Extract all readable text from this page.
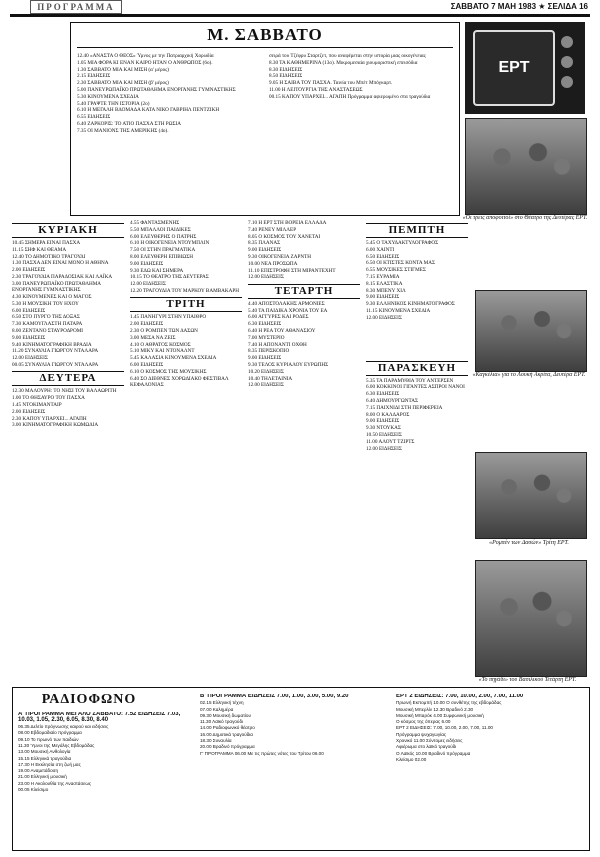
ΠΡΟΓΡΑΜΜΑ	ΣΑΒΒΑΤΟ 7 ΜΑΗ 1983 ★ ΣΕΛΙΔΑ 16
Μ. ΣΑΒΒΑΤΟ

12.40 «ΑΝΑΣΤΑ Ο ΘΕΟΣ» Ύμνος με την Πατριαρχική Χορωδία

1.05 ΜΙΑ ΦΟΡΑ ΚΙ ΕΝΑΝ ΚΑΙΡΟ ΗΤΑΝ Ο ΑΝΘΡΩΠΟΣ (6ο).

1.30 ΣΑΒΒΑΤΟ ΜΙΑ ΚΑΙ ΜΙΣΗ (α' μέρος)

2.15 ΕΙΔΗΣΕΙΣ

2.30 ΣΑΒΒΑΤΟ ΜΙΑ ΚΑΙ ΜΙΣΗ (β' μέρος)

5.00 ΠΑΝΕΥΡΩΠΑΪΚΟ ΠΡΩΤΑΘΛΗΜΑ ΕΝΟΡΓΑΝΗΣ ΓΥΜΝΑΣΤΙΚΗΣ

5.30 ΚΙΝΟΥΜΕΝΑ ΣΧΕΔΙΑ

5.40 ΓΡΑΨΤΕ ΤΗΝ ΙΣΤΟΡΙΑ (2ο)

6.10 Η ΜΕΓΑΛΗ ΒΔΟΜΑΔΑ ΚΑΤΑ ΝΙΚΟ ΓΑΒΡΙΗΛ ΠΕΝΤΖΙΚΗ

6.55 ΕΙΔΗΣΕΙΣ

6.40 ΖΑΡΚΟΡΙΣ: ΤΟ ΑΤΙΟ ΠΑΣΧΑ ΣΤΗ ΡΩΣΙΑ

7.35 ΟΙ ΜΑΝΙΟΝΣ ΤΗΣ ΑΜΕΡΙΚΗΣ (4ο).

σειρά του Τζέφρυ Σταρτζετ, που αναφέρεται στην ιστορία μιας οικογένειας

8.30 ΤΑ ΚΑΘΗΜΕΡΙΝΑ (13ο). Μικρομεσαία χιουμοριστική επεισόδια

8.30 ΕΙΔΗΣΕΙΣ

8.50 ΕΙΔΗΣΕΙΣ

9.05 Η ΣΑΙΒΑ ΤΟΥ ΠΑΣΧΑ. Ταινία του Μπέτ Μπόγκαρτ.

11.00 Η ΛΕΙΤΟΥΡΓΙΑ ΤΗΣ ΑΝΑΣΤΑΣΕΩΣ

00.15 ΚΑΠΟΥ ΥΠΑΡΧΕΙ... ΑΓΑΠΗ Πρόγραμμα αφιερωμένο στα τραγούδια

ΕΡΤ
ΚΥΡΙΑΚΗ

10.45 ΣΗΜΕΡΑ ΕΙΝΑΙ ΠΑΣΧΑ

11.15 ΣΗΦ ΚΑΙ ΘΕΑΜΑ

12.40 ΤΟ ΔΗΜΟΤΙΚΟ ΤΡΑΓΟΥΔΙ

1.30 ΠΑΣΧΑ ΔΕΝ ΕΙΝΑΙ ΜΟΝΟ Η ΑΘΗΝΑ

2.00 ΕΙΔΗΣΕΙΣ

2.30 ΤΡΑΓΟΥΔΙΑ ΠΑΡΑΔΟΣΙΑΚ ΚΑΙ ΛΑΪΚΑ

3.00 ΠΑΝΕΥΡΩΠΑΪΚΟ ΠΡΩΤΑΘΛΗΜΑ ΕΝΟΡΓΑΝΗΣ ΓΥΜΝΑΣΤΙΚΗΣ

4.30 ΚΙΝΟΥΜΕΝΕΣ ΚΑΙ Ο ΜΑΓΟΣ

5.30 Η ΜΟΥΣΙΚΗ ΤΟΥ ΗΧΟΥ

6.00 ΕΙΔΗΣΕΙΣ

6.50 ΣΤΟ ΠΥΡΓΟ ΤΗΣ ΔΟΞΑΣ

7.30 ΚΑΜΟΥΓΛΑΣΤΗ ΠΑΤΑΡΑ

8.00 ΖΕΝΤΑΝΟ ΣΤΑΥΡΟΔΡΟΜΙ

9.00 ΕΙΔΗΣΕΙΣ

9.40 ΚΙΝΗΜΑΤΟΓΡΑΦΙΚΗ ΒΡΑΔΙΑ

11.20 ΣΥΝΑΥΛΙΑ ΓΙΩΡΓΟΥ ΝΤΑΛΑΡΑ

12.00 ΕΙΔΗΣΕΙΣ

00.05 ΣΥΝΑΥΛΙΑ ΓΙΩΡΓΟΥ ΝΤΑΛΑΡΑ

ΔΕΥΤΕΡΑ

12.30 ΜΑΛΟΥΡΗ: ΤΟ ΝΗΣΙ ΤΟΥ ΒΑΛΑΩΡΙΤΗ

1.00 ΤΟ ΘΗΣΑΥΡΟ ΤΟΥ ΠΑΣΧΑ

1.45 ΝΤΟΚΙΜΑΝΤΑΙΡ

2.00 ΕΙΔΗΣΕΙΣ

2.30 ΚΑΠΟΥ ΥΠΑΡΧΕΙ... ΑΓΑΠΗ

3.00 ΚΙΝΗΜΑΤΟΓΡΑΦΙΚΗ ΚΩΜΩΔΙΑ

4.55 ΦΑΝΤΑΣΜΕΝΗΣ

5.50 ΜΠΑΛΛΟΙ ΠΑΙΔΙΚΕΣ

6.00 ΕΛΕΥΘΕΡΗΣ Ο ΠΑΤΡΗΣ

6.10 Η ΟΙΚΟΓΕΝΕΙΑ ΝΤΟΥΜΠΛΙΝ

7.50 ΟΙ ΣΤΗΝ ΠΡΑΓΜΑΤΙΚΑ

8.00 ΕΛΕΥΘΕΡΗ ΕΠΙΒΙΩΣΗ

9.00 ΕΙΔΗΣΕΙΣ

9.30 ΕΔΩ ΚΑΙ ΣΗΜΕΡΑ

10.15 ΤΟ ΘΕΑΤΡΟ ΤΗΣ ΔΕΥΤΕΡΑΣ

12.00 ΕΙΔΗΣΕΙΣ

12.20 ΤΡΑΓΟΥΔΙΑ ΤΟΥ ΜΑΡΚΟΥ ΒΑΜΒΑΚΑΡΗ

ΤΡΙΤΗ

1.45 ΠΑΝΗΓΥΡΙ ΣΤΗΝ ΥΠΑΙΘΡΟ

2.00 ΕΙΔΗΣΕΙΣ

2.30 Ο ΡΟΜΠΕΝ ΤΩΝ ΔΑΣΩΝ

3.00 ΜΕΣΑ ΝΑ ΖΕΙΣ

4.10 Ο ΑΘΡΑΤΟΣ ΚΟΣΜΟΣ

5.10 ΜΙΚΥ ΚΑΙ ΝΤΟΝΑΛΝΤ

5.45 ΚΑΛΑΣΙΑ ΚΙΝΟΥΜΕΝΑ ΣΧΕΔΙΑ

6.00 ΕΙΔΗΣΕΙΣ

6.10 Ο ΚΟΣΜΟΣ ΤΗΣ ΜΟΥΣΙΚΗΣ

6.40 ΣΟ ΔΙΕΘΝΕΣ ΧΟΡΩΔΙΑΚΟ ΦΕΣΤΙΒΑΛ ΚΕΦΑΛΟΝΙΑΣ

7.10 Η ΕΡΤ ΣΤΗ ΒΟΡΕΙΑ ΕΛΛΑΔΑ

7.40 ΡΕΝΕΥ ΜΙΛΛΕΡ

8.05 Ο ΚΟΣΜΟΣ ΤΟΥ ΧΑΝΕΤΑΙ

8.35 ΠΛΑΝΑΣ

9.00 ΕΙΔΗΣΕΙΣ

9.30 ΟΙΚΟΓΕΝΕΙΑ ΖΑΡΝΤΗ

10.00 ΝΕΑ ΠΡΟΣΩΠΑ

11.10 ΕΠΙΣΤΡΟΦΗ ΣΤΗ ΜΙΡΑΝΤΕΧΗΤ

12.00 ΕΙΔΗΣΕΙΣ

ΤΕΤΑΡΤΗ

4.40 ΑΠΟΣΤΟΛΑΚΗΣ ΑΡΜΟΝΙΕΣ

5.40 ΤΑ ΠΑΙΔΙΚΑ ΧΡΟΝΙΑ ΤΟΥ ΕΑ

6.00 ΑΓΓΥΡΕΣ ΚΑΙ ΡΟΔΕΣ

6.30 ΕΙΔΗΣΕΙΣ

6.40 Η ΡΕΑ ΤΟΥ ΑΘΑΝΑΣΙΟΥ

7.00 ΜΥΣΤΕΡΙΟ

7.40 Η ΑΠΟΝΑΝΤΙ ΟΧΘΗ

8.35 ΠΕΡΙΣΚΟΠΙΟ

9.00 ΕΙΔΗΣΕΙΣ

9.30 ΤΕΛΟΣ ΚΥΡΙΑΛΟΥ ΕΥΡΩΠΗΣ

10.20 ΕΙΔΗΣΕΙΣ

10.40 ΤΗΛΕΤΑΙΝΙΑ

12.00 ΕΙΔΗΣΕΙΣ

ΠΕΜΠΤΗ

5.45 Ο ΤΑΧΥΔΑΚΤΥΛΟΓΡΑΦΟΣ

6.00 ΧΑΙΝΤΙ

6.50 ΕΙΔΗΣΕΙΣ

6.50 ΟΙ ΚΤΙΣΤΕΣ ΚΟΝΤΑ ΜΑΣ

6.55 ΜΟΥΣΙΚΕΣ ΣΤΙΓΜΕΣ

7.15 ΕΥΡΑΜΙΑ

8.15 ΕΛΑΣΤΙΚΑ

8.30 ΜΠΕΝΥ ΧΙΛ

9.00 ΕΙΔΗΣΕΙΣ

9.30 ΕΛΛΗΝΙΚΟΣ ΚΙΝΗΜΑΤΟΓΡΑΦΟΣ

11.15 ΚΙΝΟΥΜΕΝΑ ΣΧΕΔΙΑ

12.00 ΕΙΔΗΣΕΙΣ

ΠΑΡΑΣΚΕΥΗ

5.35 ΤΑ ΠΑΡΑΜΥΘΙΑ ΤΟΥ ΑΝΤΕΡΣΕΝ

6.00 ΚΟΚΚΙΝΟΙ ΓΙΓΑΝΤΕΣ ΑΣΠΡΟΙ ΝΑΝΟΙ

6.30 ΕΙΔΗΣΕΙΣ

6.40 ΔΗΜΟΥΡΓΩΝΤΑΣ

7.15 ΠΑΙΧΝΙΔΙ ΣΤΗ ΠΕΡΙΦΕΡΕΙΑ

8.00 Ο ΚΑΛΔΑΡΟΣ

9.00 ΕΙΔΗΣΕΙΣ

9.30 ΝΤΟΥΚΑΣ

10.50 ΕΙΔΗΣΕΙΣ

11.00 ΑΛΟΥΤ ΤΖΙΡΤΣ

12.00 ΕΙΔΗΣΕΙΣ

«Οι τρεις αποφοιτοί» στο Θέατρο της Δευτέρας ΕΡΤ.
«Καγκέλια» για το Λουκή Ακρίτα, Δευτέρα ΕΡΤ.
«Ρομπέν των Δασών» Τρίτη ΕΡΤ.
«Το πηγάδι» του Βασιλικού Τετάρτη ΕΡΤ.
ΡΑΔΙΟΦΩΝΟ

Α' ΠΡΟΓΡΑΜΜΑ ΜΕΓΑΛΟ ΣΑΒΒΑΤΟ: 7.52 ΕΙΔΗΣΕΙΣ 7.03, 10.03, 1.05, 2.30, 6.05, 8.30, 8.40

06.35 Δελτίο πρόγνωσης καιρού και ειδήσεις

08.00 Εβδομαδιαίο πρόγραμμα

09.10 Το πρωινό των παιδιών

11.30 Ύμνοι της Μεγάλης Εβδομάδας

13.00 Μουσική Ανθολογία

15.15 Ελληνικά τραγούδια

17.30 Η Εκκλησία στη ζωή μας

19.00 Αναμετάδοση

21.00 Ελληνική μουσική

23.00 Η Ακολουθία της Αναστάσεως

00.05 Κλείσιμο

Β' ΠΡΟΓΡΑΜΜΑ ΕΙΔΗΣΕΙΣ 7.00, 1.00, 3.00, 5.00, 9.20

02.15 Ελληνική τέχνη

07.00 Καλημέρα

09.30 Μουσική δωματίου

11.30 Λαϊκό τραγούδι

14.00 Ραδιοφωνικό θέατρο

16.00 Δημοτικά τραγούδια

18.30 Συναυλία

20.00 Βραδινό πρόγραμμα

Γ' ΠΡΟΓΡΑΜΜΑ 06.00 Με τις πρώτες νότες του Τρίτου 06.00

ΕΡΤ 2 ΕΙΔΗΣΕΙΣ: 7.00, 10.00, 2.00, 7.00, 11.00

Πρωινή Εκπομπή 10.00 Ο συνθέτης της εβδομάδας

Μουσική Μπερλίν 12.30 Βραδινό 2.30

Μουσική Μπαρόκ 4.00 Συμφωνική μουσική

Ο κόσμος της όπερας 6.00

ΕΡΤ 2 ΕΙΔΗΣΕΙΣ: 7.00, 10.00, 2.00, 7.00, 11.00

Πρόγραμμα ψυχαγωγίας

Χρονικό 11.00 Σύντομες ειδήσεις

Αφιέρωμα στο λαϊκό τραγούδι

Ο Λαϊκός 10.00 Βραδινό πρόγραμμα

Κλείσιμο 02.00
